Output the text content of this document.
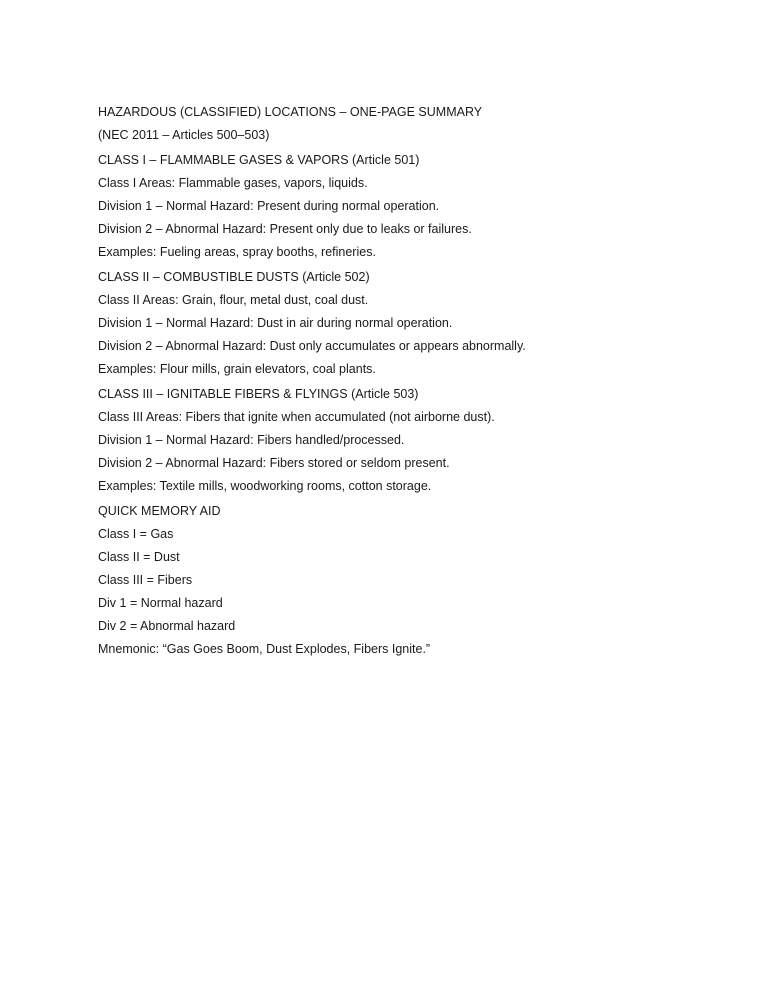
HAZARDOUS (CLASSIFIED) LOCATIONS – ONE-PAGE SUMMARY

(NEC 2011 – Articles 500–503)

CLASS I – FLAMMABLE GASES & VAPORS (Article 501)

Class I Areas: Flammable gases, vapors, liquids.

Division 1 – Normal Hazard: Present during normal operation.

Division 2 – Abnormal Hazard: Present only due to leaks or failures.

Examples: Fueling areas, spray booths, refineries.

CLASS II – COMBUSTIBLE DUSTS (Article 502)

Class II Areas: Grain, flour, metal dust, coal dust.

Division 1 – Normal Hazard: Dust in air during normal operation.

Division 2 – Abnormal Hazard: Dust only accumulates or appears abnormally.

Examples: Flour mills, grain elevators, coal plants.

CLASS III – IGNITABLE FIBERS & FLYINGS (Article 503)

Class III Areas: Fibers that ignite when accumulated (not airborne dust).

Division 1 – Normal Hazard: Fibers handled/processed.

Division 2 – Abnormal Hazard: Fibers stored or seldom present.

Examples: Textile mills, woodworking rooms, cotton storage.

QUICK MEMORY AID

Class I = Gas

Class II = Dust

Class III = Fibers

Div 1 = Normal hazard

Div 2 = Abnormal hazard

Mnemonic: “Gas Goes Boom, Dust Explodes, Fibers Ignite.”
